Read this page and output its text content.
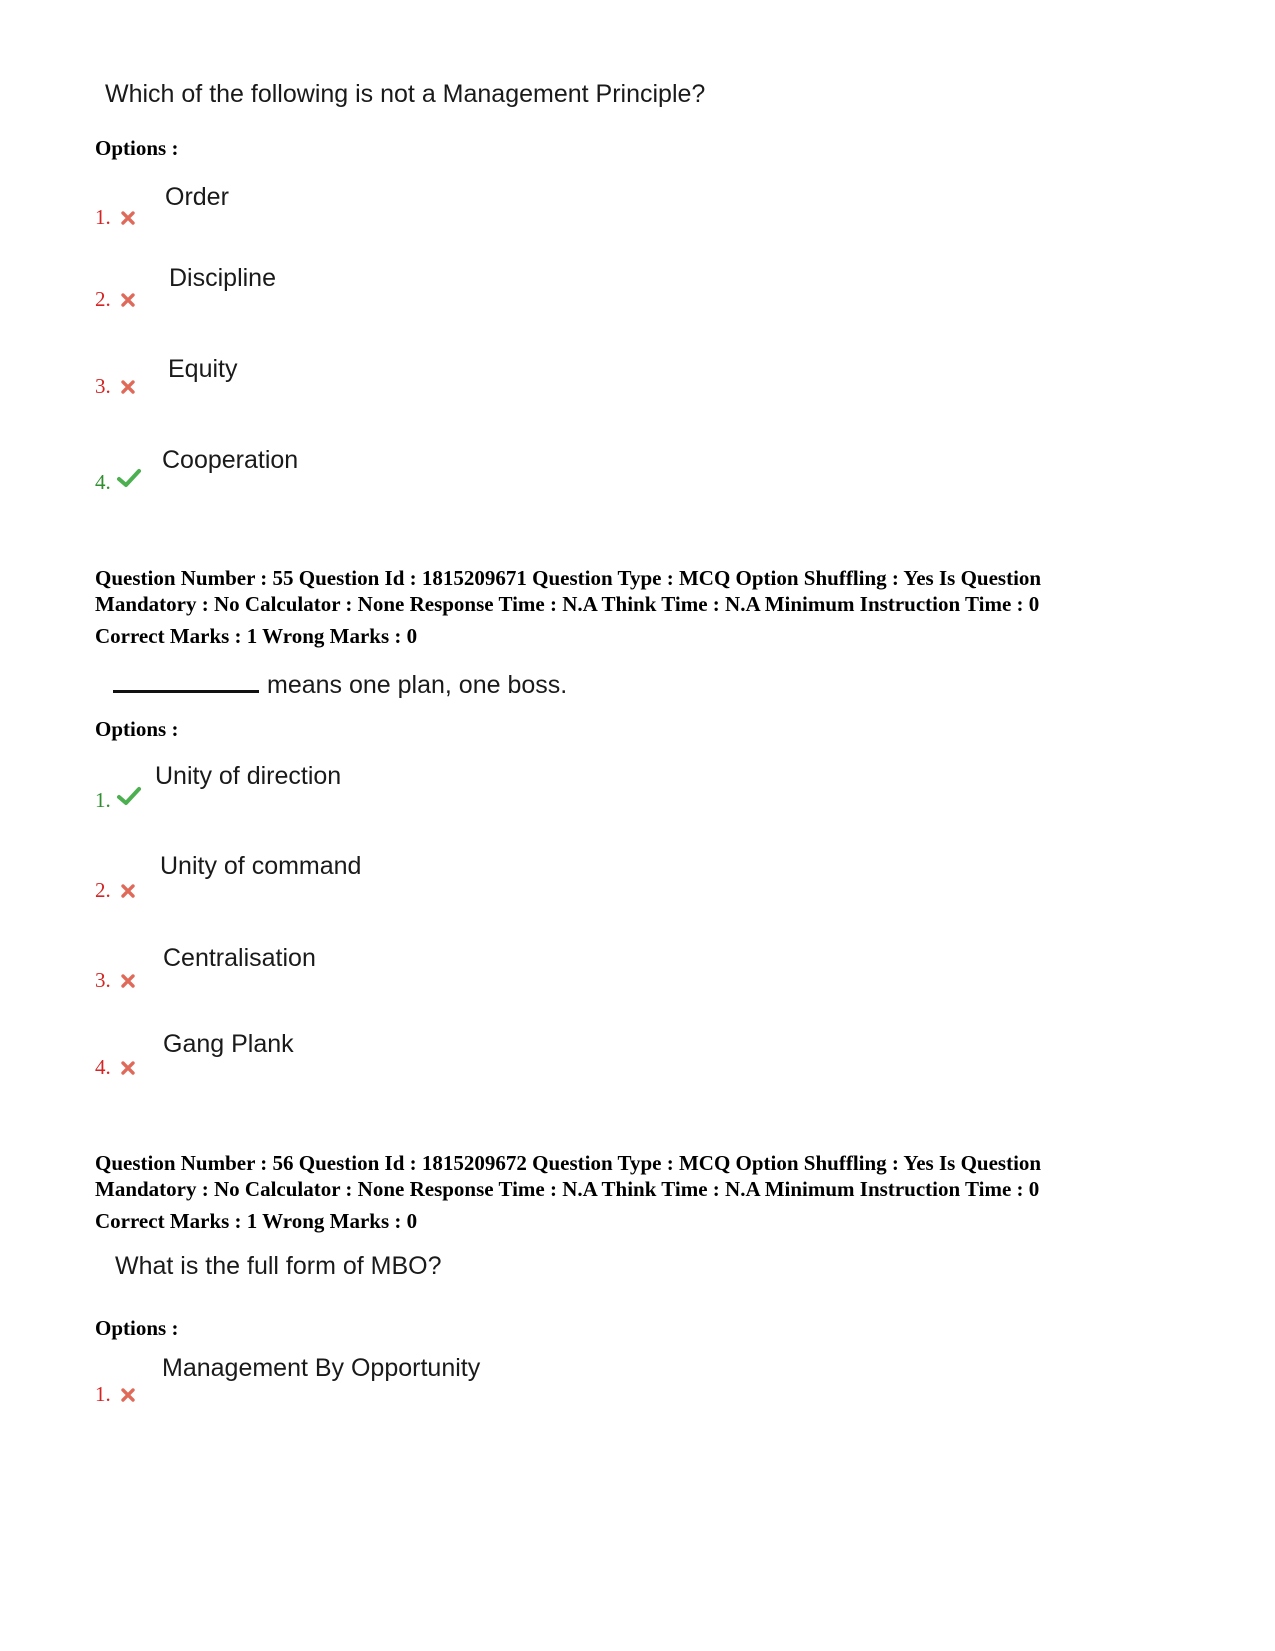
Which of the following is not a Management Principle?
Options :
1.
Order
2.
Discipline
3.
Equity
4.
Cooperation
Question Number : 55 Question Id : 1815209671 Question Type : MCQ Option Shuffling : Yes Is Question
Mandatory : No Calculator : None Response Time : N.A Think Time : N.A Minimum Instruction Time : 0
Correct Marks : 1 Wrong Marks : 0
means one plan, one boss.
Options :
1.
Unity of direction
2.
Unity of command
3.
Centralisation
4.
Gang Plank
Question Number : 56 Question Id : 1815209672 Question Type : MCQ Option Shuffling : Yes Is Question
Mandatory : No Calculator : None Response Time : N.A Think Time : N.A Minimum Instruction Time : 0
Correct Marks : 1 Wrong Marks : 0
What is the full form of MBO?
Options :
1.
Management By Opportunity
